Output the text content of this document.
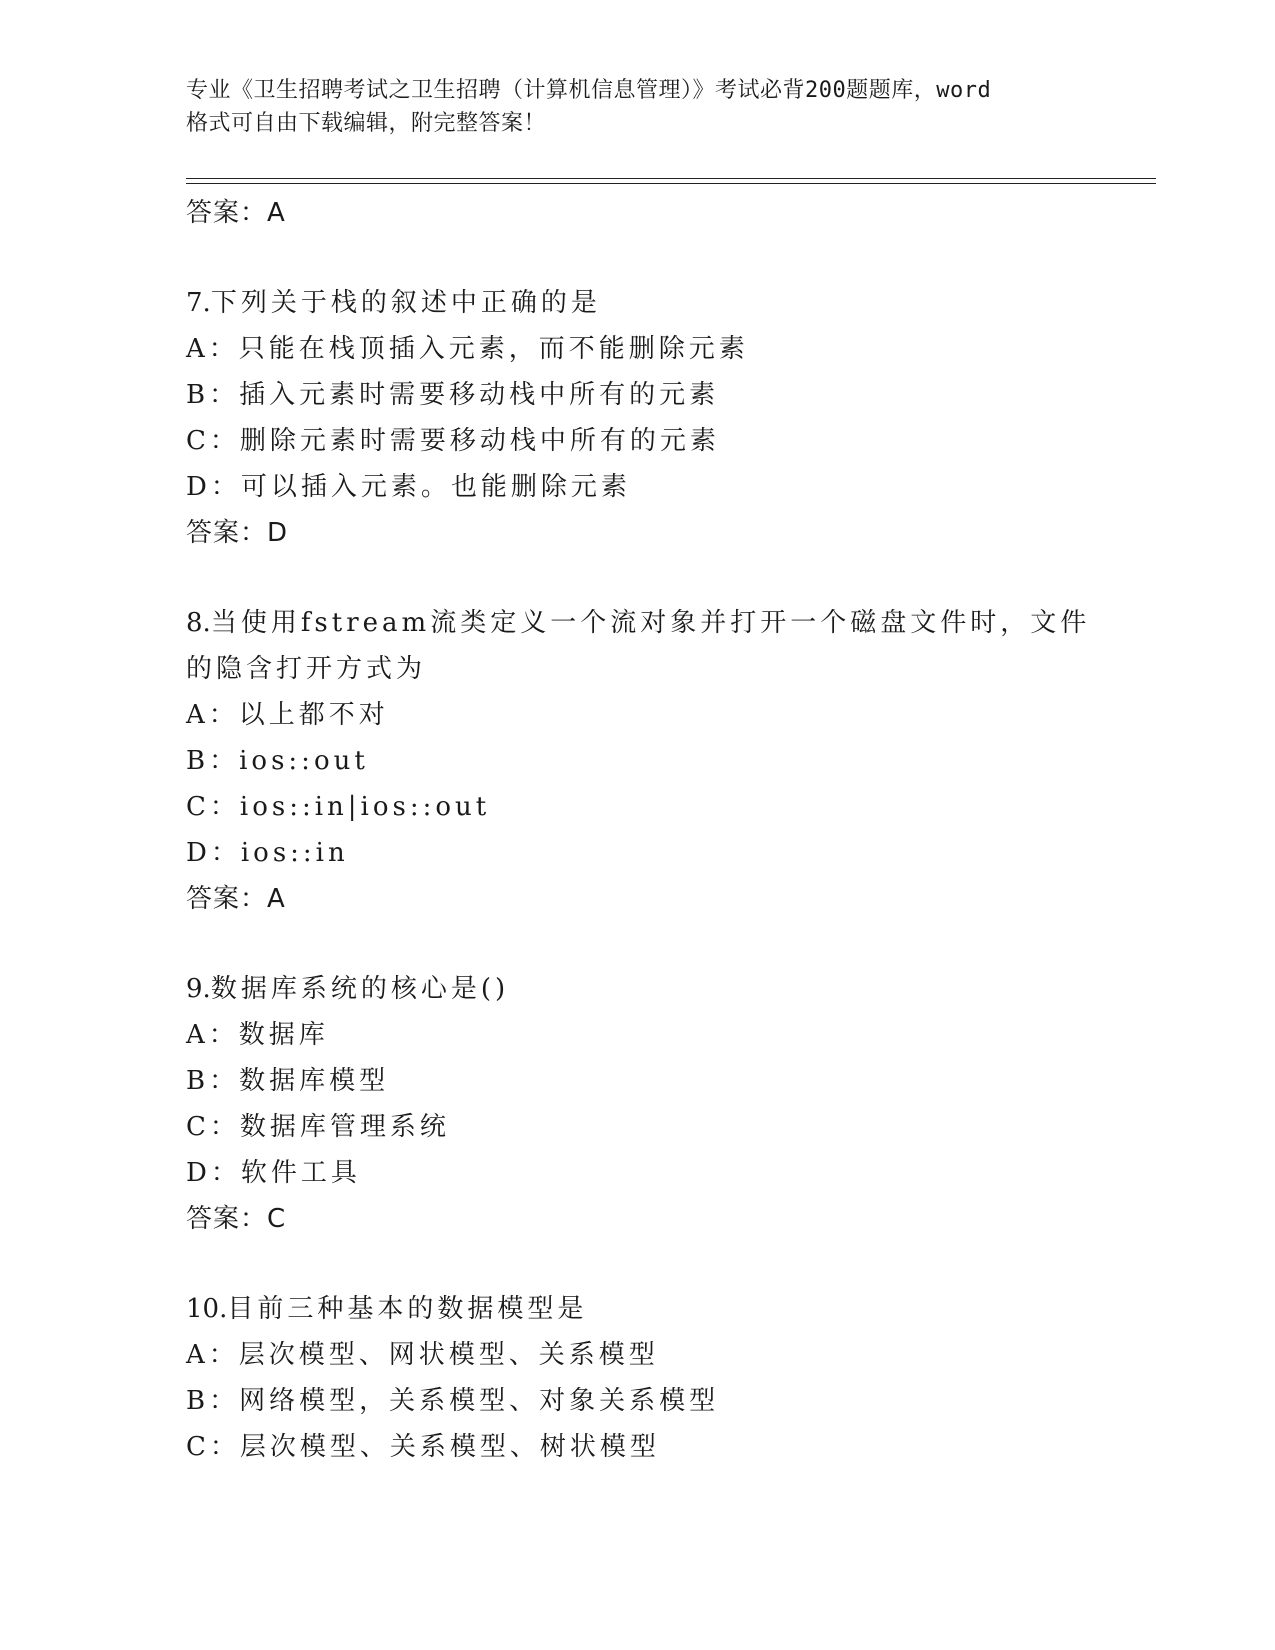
专业《卫生招聘考试之卫生招聘（计算机信息管理）》考试必背200题题库，word
格式可自由下载编辑，附完整答案！
答案：A
7.下列关于栈的叙述中正确的是
A：只能在栈顶插入元素，而不能删除元素
B：插入元素时需要移动栈中所有的元素
C：删除元素时需要移动栈中所有的元素
D：可以插入元素。也能删除元素
答案：D
8.当使用fstream流类定义一个流对象并打开一个磁盘文件时，文件
的隐含打开方式为
A：以上都不对
B：ios::out
C：ios::in|ios::out
D：ios::in
答案：A
9.数据库系统的核心是()
A：数据库
B：数据库模型
C：数据库管理系统
D：软件工具
答案：C
10.目前三种基本的数据模型是
A：层次模型、网状模型、关系模型
B：网络模型，关系模型、对象关系模型
C：层次模型、关系模型、树状模型
